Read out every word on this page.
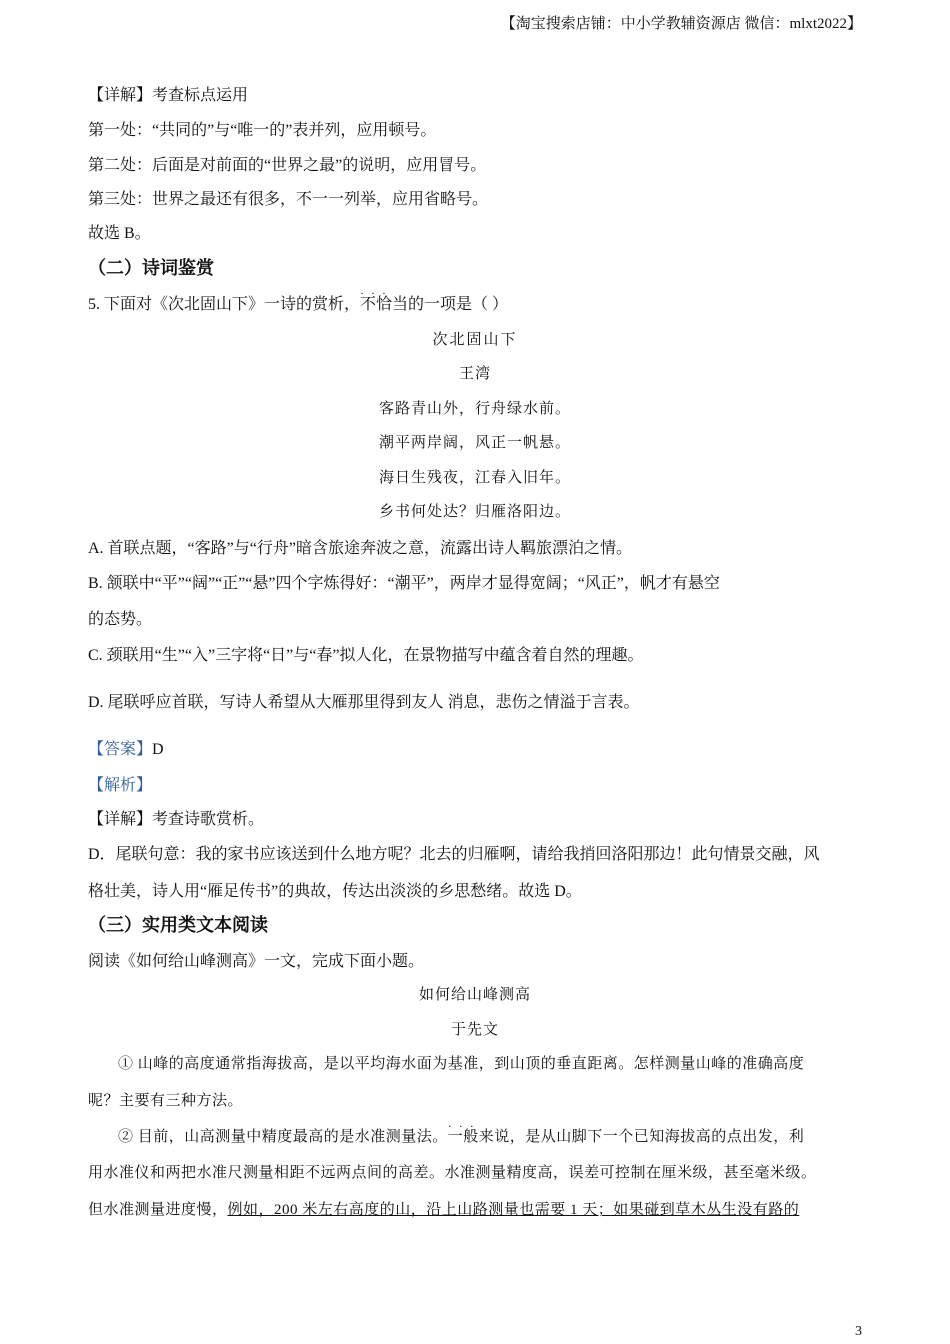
【淘宝搜索店铺：中小学教辅资源店 微信：mlxt2022】
【详解】考查标点运用
第一处：“共同的”与“唯一的”表并列，应用顿号。
第二处：后面是对前面的“世界之最”的说明，应用冒号。
第三处：世界之最还有很多，不一一列举，应用省略号。
故选 B。
（二）诗词鉴赏
5. 下面对《次北固山下》一诗的赏析，· · · 不恰当的一项是（ ）
次北固山下
王湾
客路青山外，行舟绿水前。
潮平两岸阔，风正一帆悬。
海日生残夜，江春入旧年。
乡书何处达？归雁洛阳边。
A. 首联点题，“客路”与“行舟”暗含旅途奔波之意，流露出诗人羁旅漂泊之情。
B. 颔联中“平”“阔”“正”“悬”四个字炼得好：“潮平”，两岸才显得宽阔；“风正”，帆才有悬空
的态势。
C. 颈联用“生”“入”三字将“日”与“春”拟人化，在景物描写中蕴含着自然的理趣。
D. 尾联呼应首联，写诗人希望从大雁那里得到友人 消息，悲伤之情溢于言表。
【答案】D
【解析】
【详解】考查诗歌赏析。
D．尾联句意：我的家书应该送到什么地方呢？北去的归雁啊，请给我捎回洛阳那边！此句情景交融，风
格壮美，诗人用“雁足传书”的典故，传达出淡淡的乡思愁绪。故选 D。
（三）实用类文本阅读
阅读《如何给山峰测高》一文，完成下面小题。
如何给山峰测高
于先文
① 山峰的高度通常指海拔高，是以平均海水面为基准，到山顶的垂直距离。怎样测量山峰的准确高度
呢？主要有三种方法。
② 目前，山高测量中精度最高的是水准测量法。· · · 一般来说，是从山脚下一个已知海拔高的点出发，利
用水准仪和两把水准尺测量相距不远两点间的高差。水准测量精度高，误差可控制在厘米级，甚至毫米级。
但水准测量进度慢，例如，200 米左右高度的山，沿上山路测量也需要 1 天；如果碰到草木丛生没有路的
3
